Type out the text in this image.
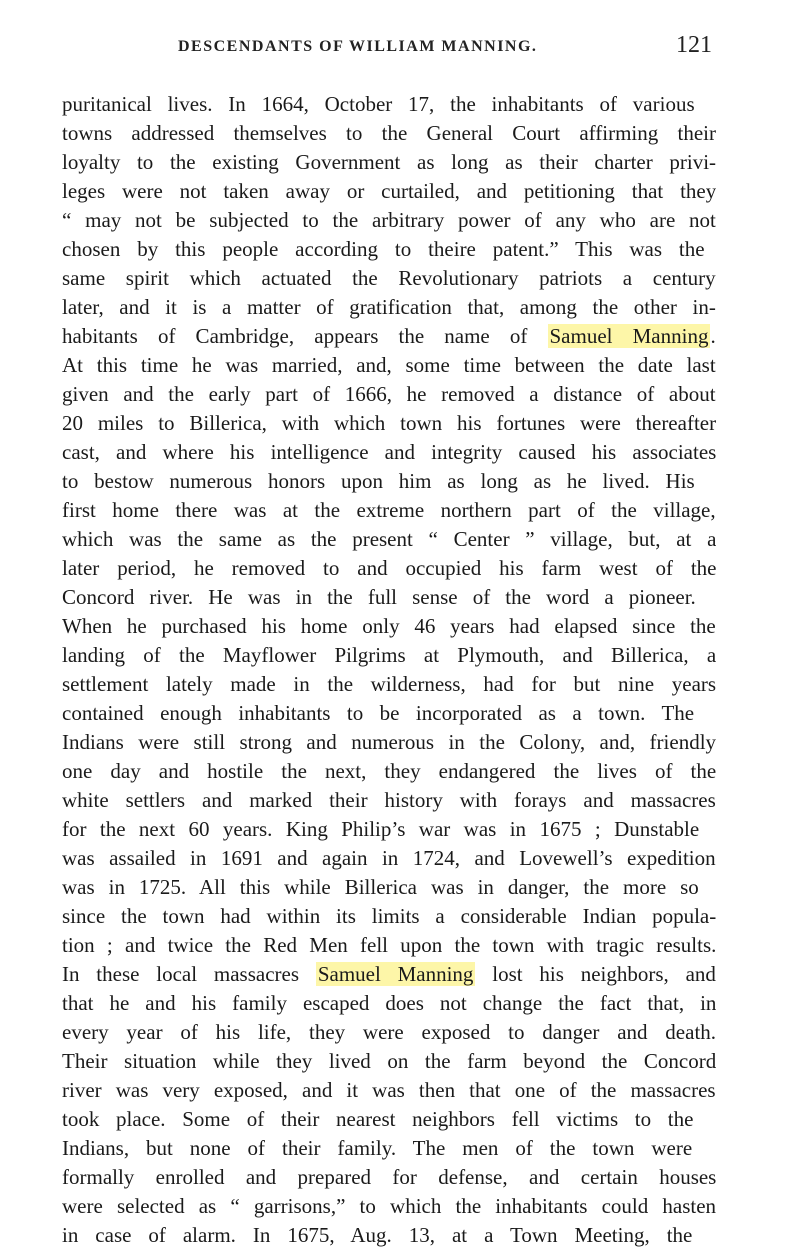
DESCENDANTS OF WILLIAM MANNING.	121
puritanical lives. In 1664, October 17, the inhabitants of various
towns addressed themselves to the General Court affirming their
loyalty to the existing Government as long as their charter privi-
leges were not taken away or curtailed, and petitioning that they
“ may not be subjected to the arbitrary power of any who are not
chosen by this people according to theire patent.” This was the
same spirit which actuated the Revolutionary patriots a century
later, and it is a matter of gratification that, among the other in-
habitants of Cambridge, appears the name of Samuel Manning.
At this time he was married, and, some time between the date last
given and the early part of 1666, he removed a distance of about
20 miles to Billerica, with which town his fortunes were thereafter
cast, and where his intelligence and integrity caused his associates
to bestow numerous honors upon him as long as he lived. His
first home there was at the extreme northern part of the village,
which was the same as the present “ Center ” village, but, at a
later period, he removed to and occupied his farm west of the
Concord river. He was in the full sense of the word a pioneer.
When he purchased his home only 46 years had elapsed since the
landing of the Mayflower Pilgrims at Plymouth, and Billerica, a
settlement lately made in the wilderness, had for but nine years
contained enough inhabitants to be incorporated as a town. The
Indians were still strong and numerous in the Colony, and, friendly
one day and hostile the next, they endangered the lives of the
white settlers and marked their history with forays and massacres
for the next 60 years. King Philip’s war was in 1675 ; Dunstable
was assailed in 1691 and again in 1724, and Lovewell’s expedition
was in 1725. All this while Billerica was in danger, the more so
since the town had within its limits a considerable Indian popula-
tion ; and twice the Red Men fell upon the town with tragic results.
In these local massacres Samuel Manning lost his neighbors, and
that he and his family escaped does not change the fact that, in
every year of his life, they were exposed to danger and death.
Their situation while they lived on the farm beyond the Concord
river was very exposed, and it was then that one of the massacres
took place. Some of their nearest neighbors fell victims to the
Indians, but none of their family. The men of the town were
formally enrolled and prepared for defense, and certain houses
were selected as “ garrisons,” to which the inhabitants could hasten
in case of alarm. In 1675, Aug. 13, at a Town Meeting, the
